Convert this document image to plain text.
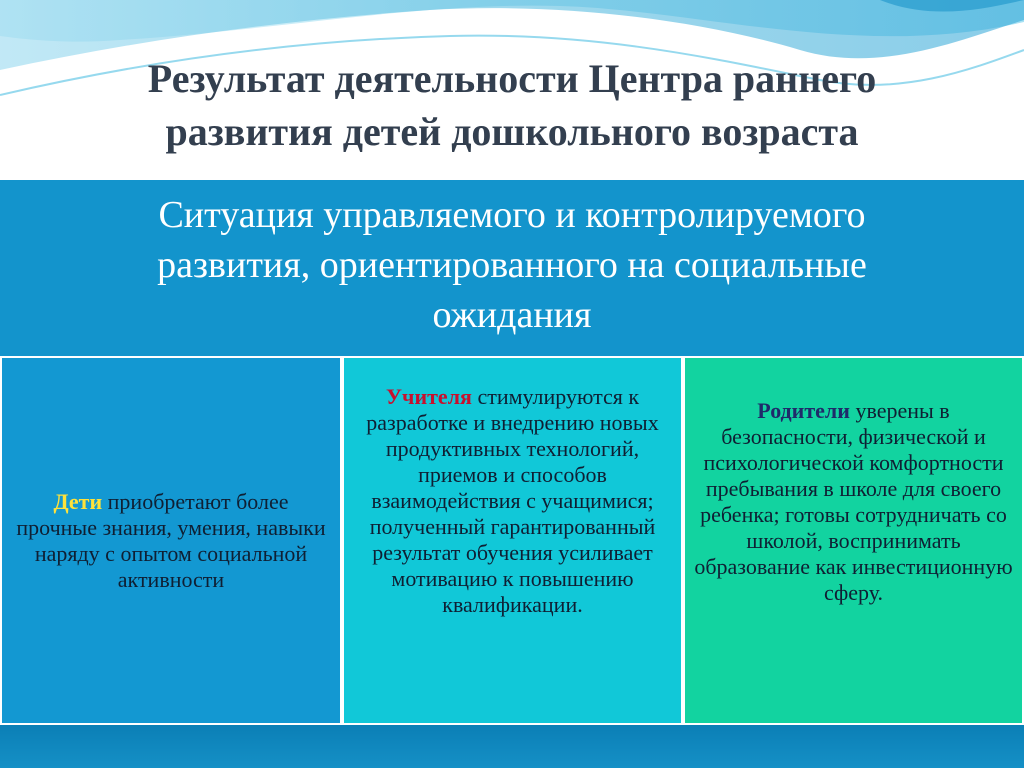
Результат деятельности Центра раннего
развития детей дошкольного возраста

Ситуация управляемого и контролируемого
развития, ориентированного на социальные
ожидания

Дети приобретают более прочные знания, умения, навыки наряду с опытом социальной активности

Учителя стимулируются к разработке и внедрению новых продуктивных технологий, приемов и способов взаимодействия с учащимися; полученный гарантированный результат обучения усиливает мотивацию к повышению квалификации.

Родители уверены в безопасности, физической и психологической комфортности пребывания в школе для своего ребенка; готовы сотрудничать со школой, воспринимать образование как инвестиционную сферу.
